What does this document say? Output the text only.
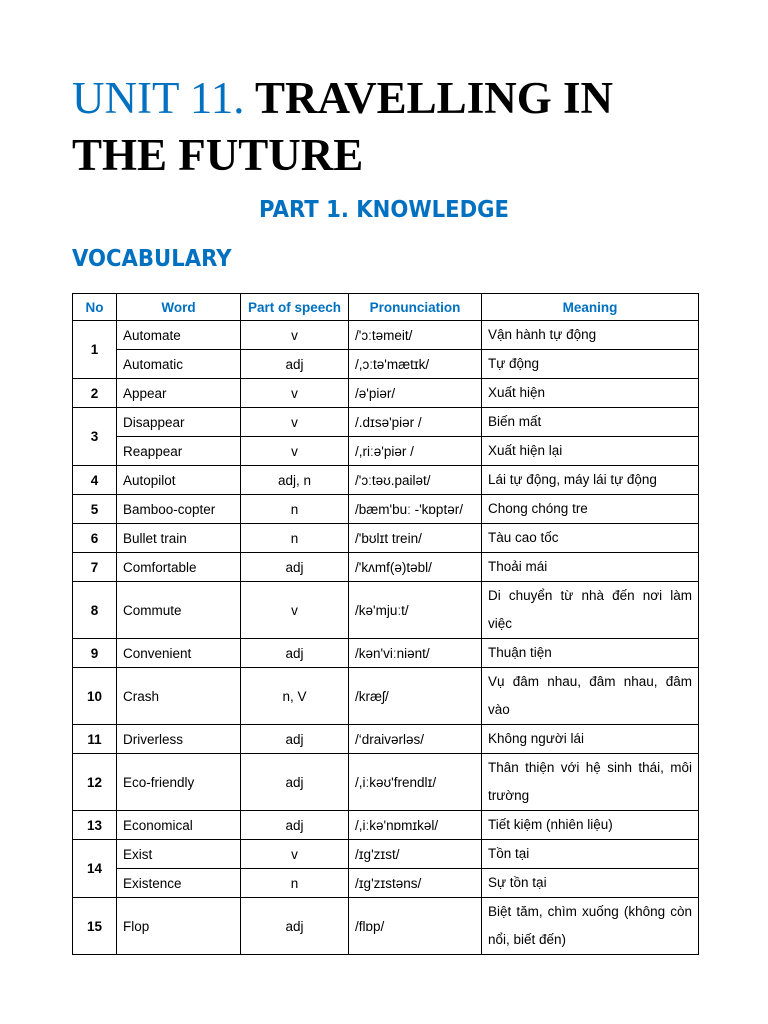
UNIT 11. TRAVELLING IN THE FUTURE
PART 1. KNOWLEDGE
VOCABULARY
No	Word	Part of speech	Pronunciation	Meaning
1	Automate	v	/'ɔːtəmeit/	Vận hành tự động
	Automatic	adj	/,ɔːtə'mætɪk/	Tự động
2	Appear	v	/ə'piər/	Xuất hiện
3	Disappear	v	/.dɪsə'piər /	Biến mất
	Reappear	v	/,riːə'piər /	Xuất hiện lại
4	Autopilot	adj, n	/'ɔːtəʊ.pailət/	Lái tự động, máy lái tự động
5	Bamboo-copter	n	/bæm'buː -'kɒptər/	Chong chóng tre
6	Bullet train	n	/'bʊlɪt trein/	Tàu cao tốc
7	Comfortable	adj	/'kʌmf(ə)təbl/	Thoải mái
8	Commute	v	/kə'mjuːt/	Di chuyển từ nhà đến nơi làm việc
9	Convenient	adj	/kən'viːniənt/	Thuận tiện
10	Crash	n, V	/kræʃ/	Vụ đâm nhau, đâm nhau, đâm vào
11	Driverless	adj	/‘draivərləs/	Không người lái
12	Eco-friendly	adj	/,iːkəʊ'frendlɪ/	Thân thiện với hệ sinh thái, môi trường
13	Economical	adj	/,iːkə'nɒmɪkəl/	Tiết kiệm (nhiên liệu)
14	Exist	v	/ɪg'zɪst/	Tồn tại
	Existence	n	/ɪg'zɪstəns/	Sự tồn tại
15	Flop	adj	/flɒp/	Biệt tăm, chìm xuống (không còn nổi, biết đến)
